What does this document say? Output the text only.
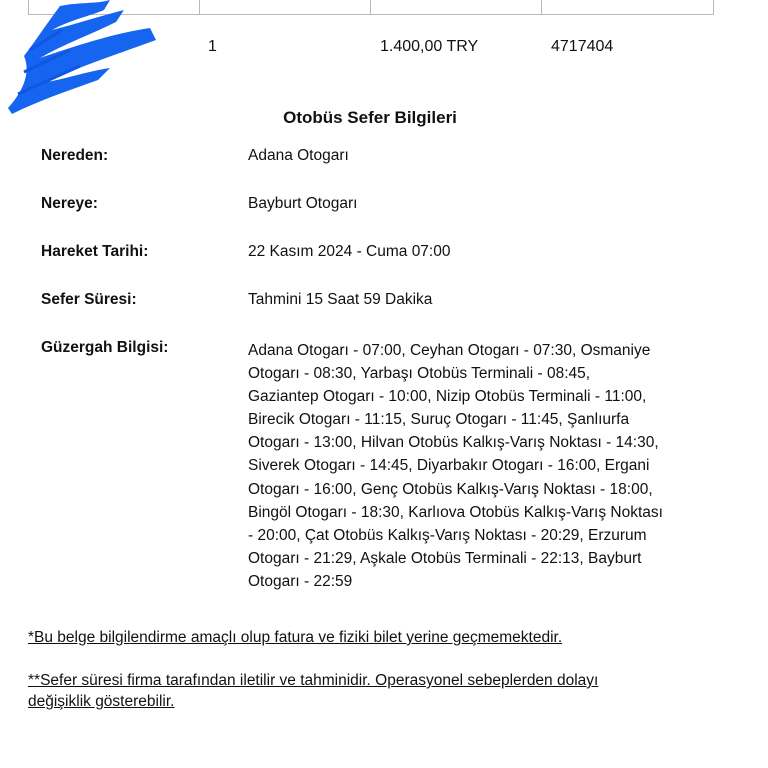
1	1.400,00 TRY	4717404
Otobüs Sefer Bilgileri
Nereden:	Adana Otogarı
Nereye:	Bayburt Otogarı
Hareket Tarihi:	22 Kasım 2024 - Cuma 07:00
Sefer Süresi:	Tahmini 15 Saat 59 Dakika
Güzergah Bilgisi:	Adana Otogarı - 07:00, Ceyhan Otogarı - 07:30, Osmaniye
Otogarı - 08:30, Yarbaşı Otobüs Terminali - 08:45,
Gaziantep Otogarı - 10:00, Nizip Otobüs Terminali - 11:00,
Birecik Otogarı - 11:15, Suruç Otogarı - 11:45, Şanlıurfa
Otogarı - 13:00, Hilvan Otobüs Kalkış-Varış Noktası - 14:30,
Siverek Otogarı - 14:45, Diyarbakır Otogarı - 16:00, Ergani
Otogarı - 16:00, Genç Otobüs Kalkış-Varış Noktası - 18:00,
Bingöl Otogarı - 18:30, Karlıova Otobüs Kalkış-Varış Noktası
- 20:00, Çat Otobüs Kalkış-Varış Noktası - 20:29, Erzurum
Otogarı - 21:29, Aşkale Otobüs Terminali - 22:13, Bayburt
Otogarı - 22:59
*Bu belge bilgilendirme amaçlı olup fatura ve fiziki bilet yerine geçmemektedir.
**Sefer süresi firma tarafından iletilir ve tahminidir. Operasyonel sebeplerden dolayı
değişiklik gösterebilir.
